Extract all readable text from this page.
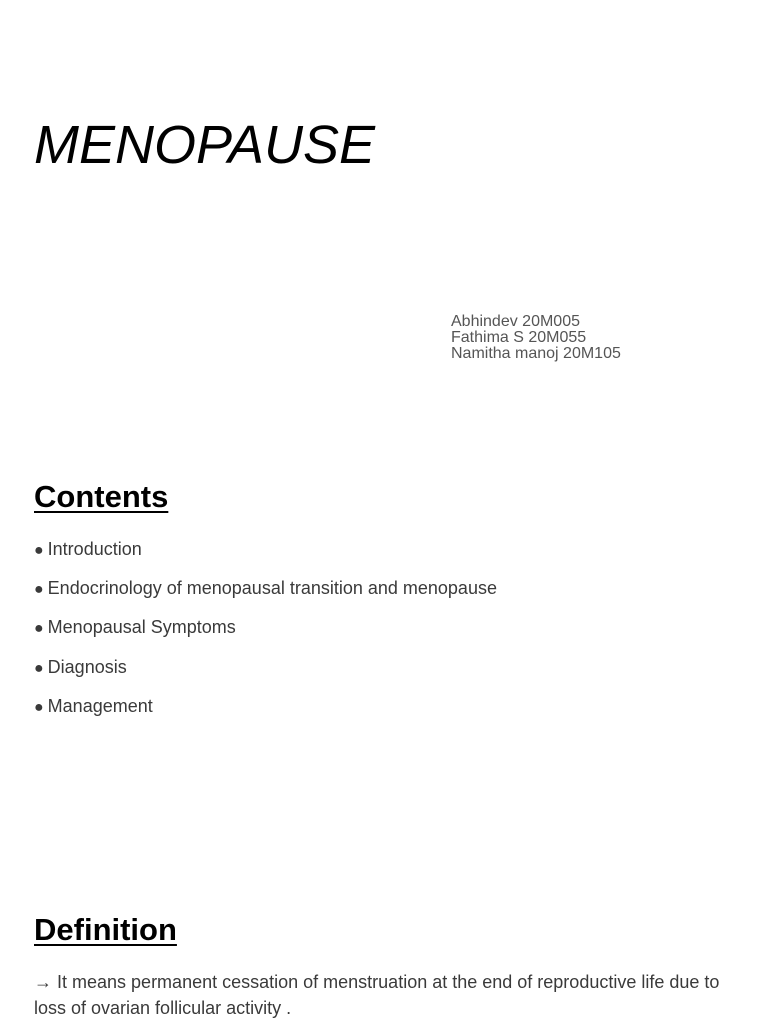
MENOPAUSE
Abhindev 20M005
Fathima S 20M055
Namitha manoj 20M105
Contents
● Introduction
● Endocrinology of menopausal transition and menopause
● Menopausal Symptoms
● Diagnosis
● Management
Definition

→ It means permanent cessation of menstruation at the end of reproductive life due to loss of ovarian follicular activity .
